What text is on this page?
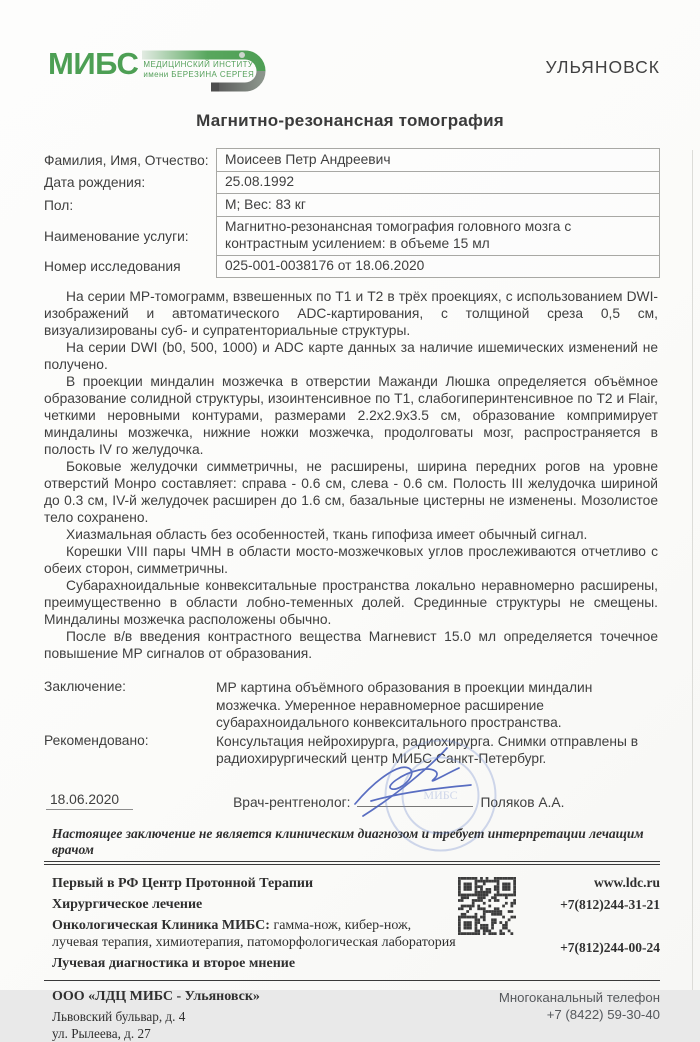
МИБС МЕДИЦИНСКИЙ ИНСТИТУТ
имени БЕРЕЗИНА СЕРГЕЯ	УЛЬЯНОВСК
Магнитно-резонансная томография
Фамилия, Имя, Отчество:	Моисеев Петр Андреевич
Дата рождения:	25.08.1992
Пол:	М; Вес: 83 кг
Наименование услуги:
Магнитно-резонансная томография головного мозга с контрастным усилением: в объеме 15 мл
Номер исследования	025-001-0038176 от 18.06.2020

На серии МР-томограмм, взвешенных по Т1 и Т2 в трёх проекциях, с использованием DWI-изображений и автоматического ADC-картирования, с толщиной среза 0,5 см, визуализированы суб- и супратенториальные структуры.

На серии DWI (b0, 500, 1000) и ADC карте данных за наличие ишемических изменений не получено.

В проекции миндалин мозжечка в отверстии Мажанди Люшка определяется объёмное образование солидной структуры, изоинтенсивное по Т1, слабогиперинтенсивное по Т2 и Flair, четкими неровными контурами, размерами 2.2х2.9х3.5 см, образование компримирует миндалины мозжечка, нижние ножки мозжечка, продолговаты мозг, распространяется в полость IV го желудочка.

Боковые желудочки симметричны, не расширены, ширина передних рогов на уровне отверстий Монро составляет: справа - 0.6 см, слева - 0.6 см. Полость III желудочка шириной до 0.3 см, IV-й желудочек расширен до 1.6 см, базальные цистерны не изменены. Мозолистое тело сохранено.

Хиазмальная область без особенностей, ткань гипофиза имеет обычный сигнал.

Корешки VIII пары ЧМН в области мосто-мозжечковых углов прослеживаются отчетливо с обеих сторон, симметричны.

Субарахноидальные конвекситальные пространства локально неравномерно расширены, преимущественно в области лобно-теменных долей. Срединные структуры не смещены. Миндалины мозжечка расположены обычно.

После в/в введения контрастного вещества Магневист 15.0 мл определяется точечное повышение МР сигналов от образования.

Заключение:	МР картина объёмного образования в проекции миндалин мозжечка. Умеренное неравномерное расширение субарахноидального конвекситального пространства.
Рекомендовано:	Консультация нейрохирурга, радиохирурга. Снимки отправлены в радиохирургический центр МИБС Санкт-Петербург.
18.06.2020	Врач-рентгенолог:	Поляков А.А.
МИБС
Настоящее заключение не является клиническим диагнозом и требует интерпретации лечащим врачом
Первый в РФ Центр Протонной Терапии
Хирургическое лечение
Онкологическая Клиника МИБС: гамма-нож, кибер-нож, лучевая терапия, химиотерапия, патоморфологическая лаборатория
Лучевая диагностика и второе мнение
www.ldc.ru
+7(812)244-31-21
+7(812)244-00-24
ООО «ЛДЦ МИБС - Ульяновск»
Львовский бульвар, д. 4
ул. Рылеева, д. 27
Многоканальный телефон
+7 (8422) 59-30-40
